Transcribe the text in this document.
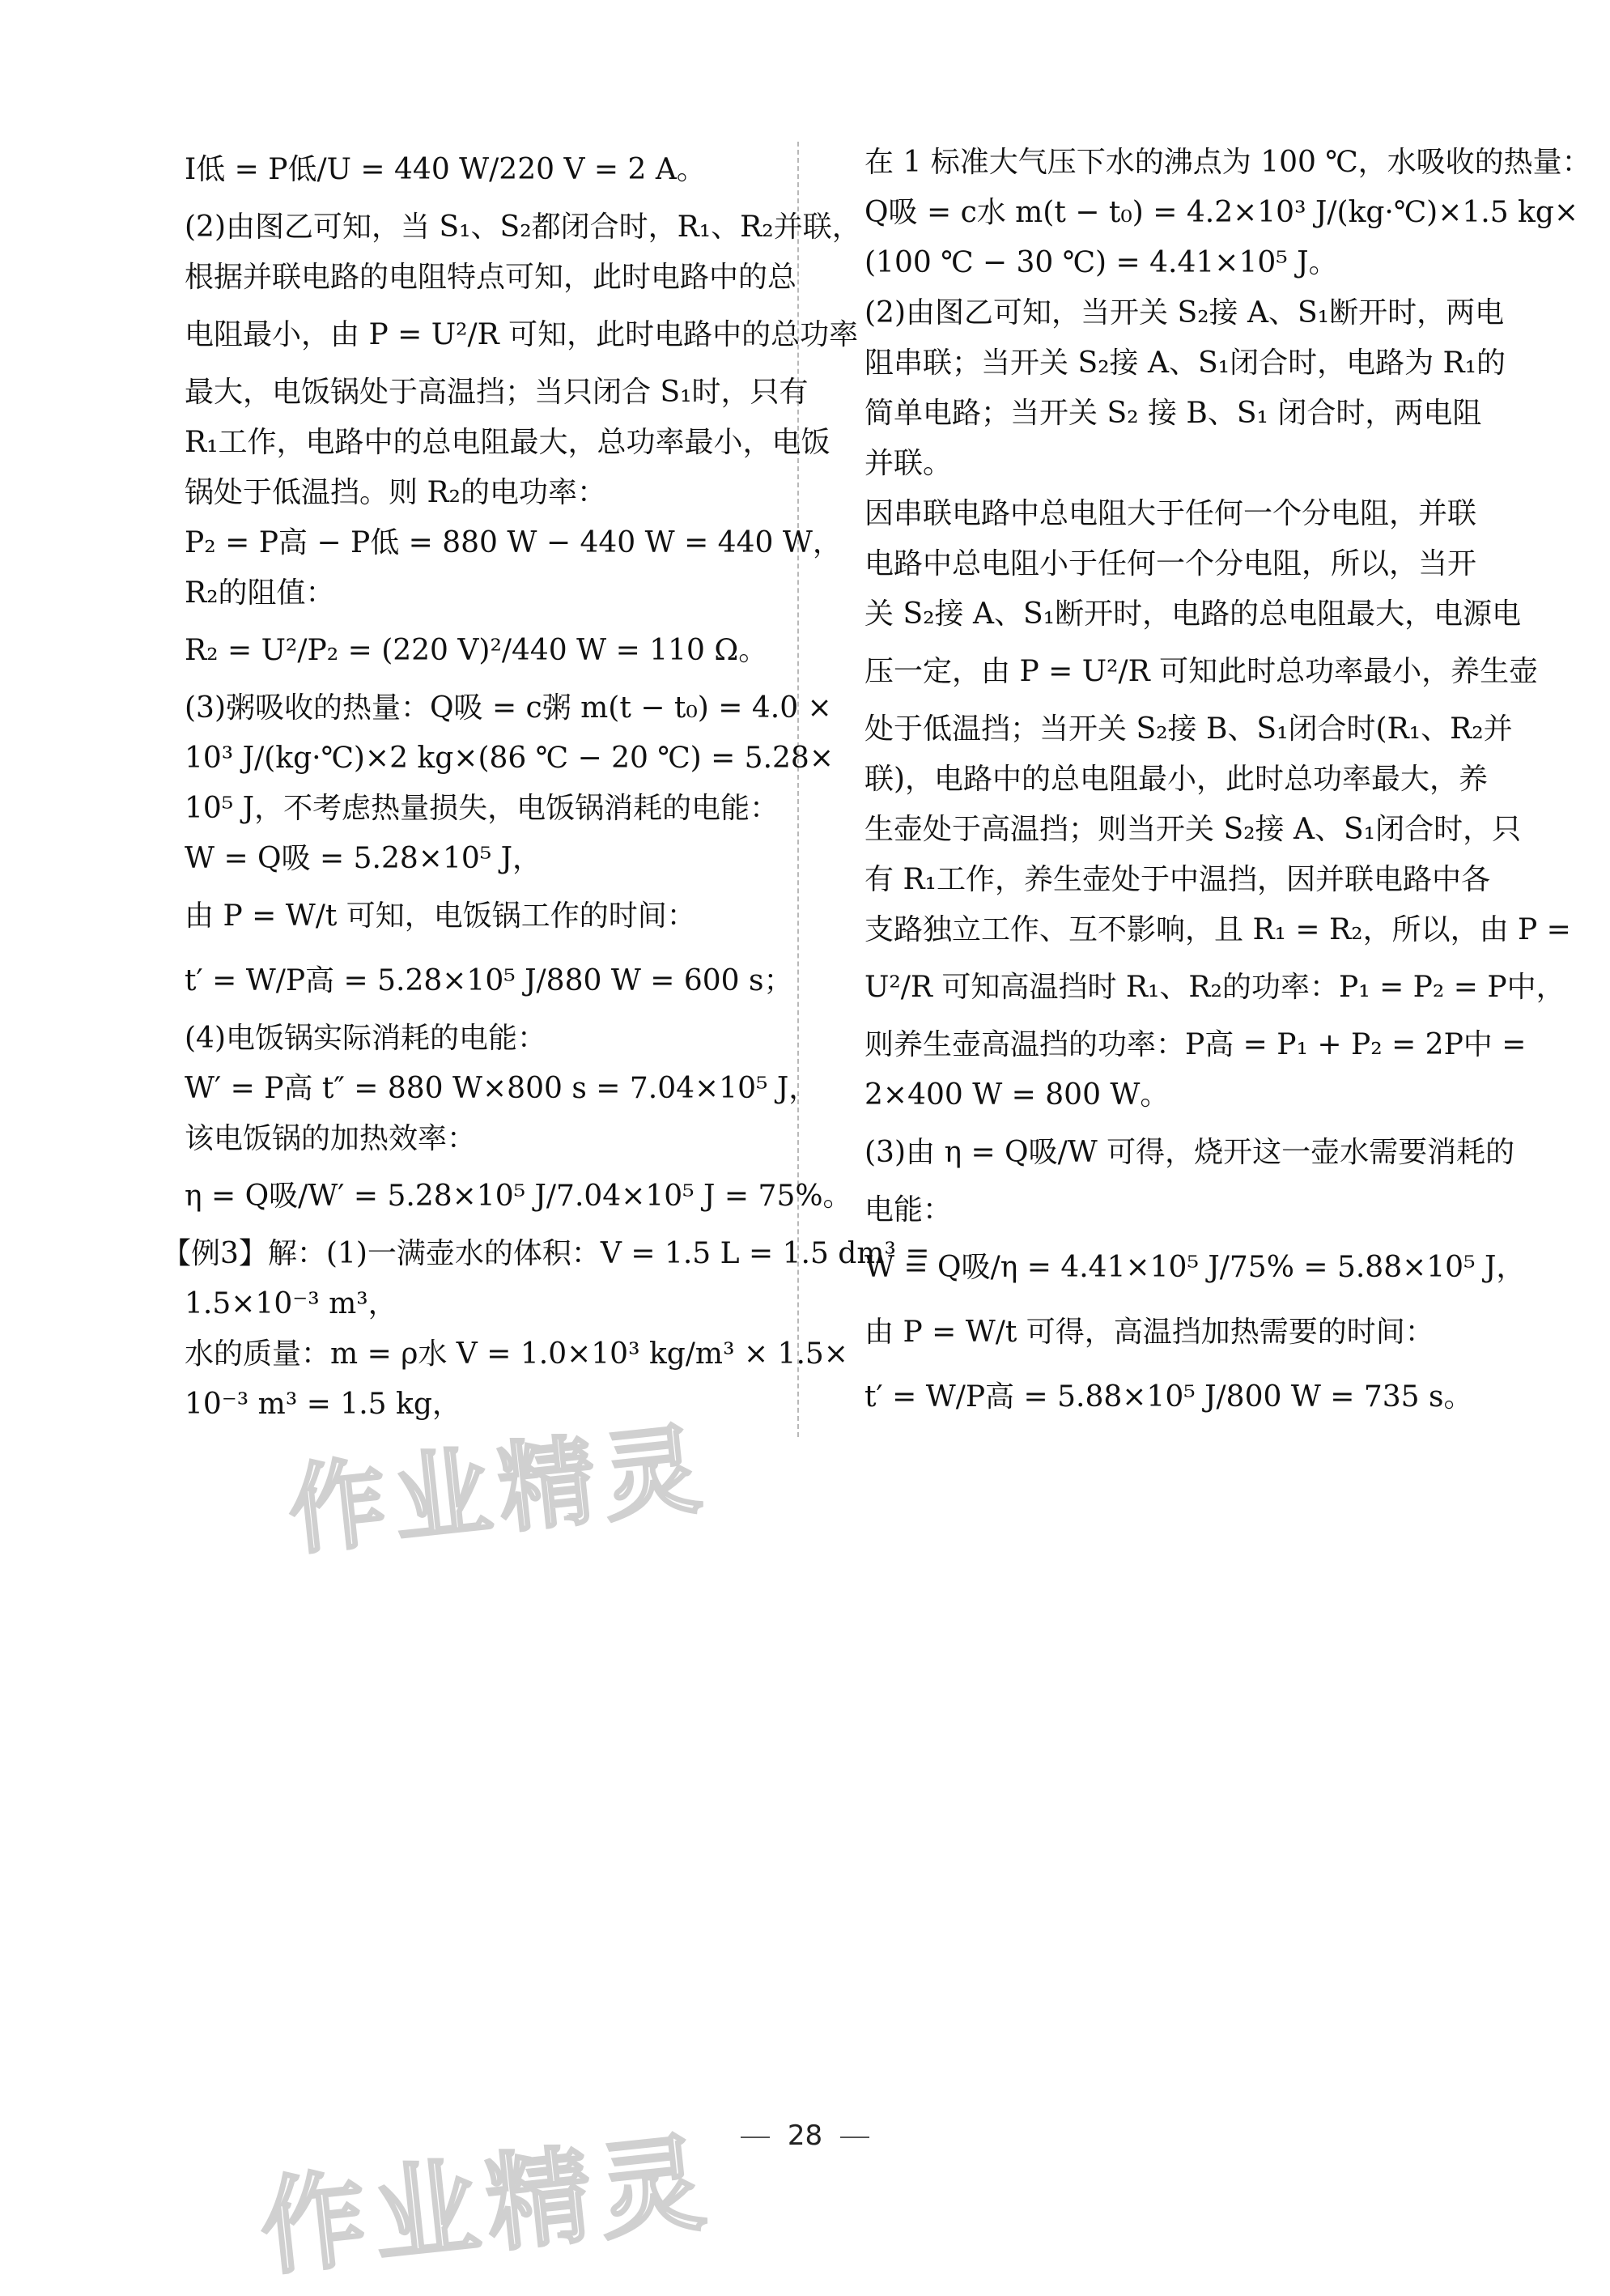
I低 = P低/U = 440 W/220 V = 2 A。
(2)由图乙可知，当 S₁、S₂都闭合时，R₁、R₂并联，
根据并联电路的电阻特点可知，此时电路中的总
电阻最小，由 P = U²/R 可知，此时电路中的总功率
最大，电饭锅处于高温挡；当只闭合 S₁时，只有
R₁工作，电路中的总电阻最大，总功率最小，电饭
锅处于低温挡。则 R₂的电功率：
P₂ = P高 − P低 = 880 W − 440 W = 440 W，
R₂的阻值：
R₂ = U²/P₂ = (220 V)²/440 W = 110 Ω。
(3)粥吸收的热量：Q吸 = c粥 m(t − t₀) = 4.0 ×
10³ J/(kg·℃)×2 kg×(86 ℃ − 20 ℃) = 5.28×
10⁵ J，不考虑热量损失，电饭锅消耗的电能：
W = Q吸 = 5.28×10⁵ J，
由 P = W/t 可知，电饭锅工作的时间：
t′ = W/P高 = 5.28×10⁵ J/880 W = 600 s；
(4)电饭锅实际消耗的电能：
W′ = P高 t″ = 880 W×800 s = 7.04×10⁵ J，
该电饭锅的加热效率：
η = Q吸/W′ = 5.28×10⁵ J/7.04×10⁵ J = 75%。
【例3】解：(1)一满壶水的体积：V = 1.5 L = 1.5 dm³ =
1.5×10⁻³ m³，
水的质量：m = ρ水 V = 1.0×10³ kg/m³ × 1.5×
10⁻³ m³ = 1.5 kg，
在 1 标准大气压下水的沸点为 100 ℃，水吸收的热量：
Q吸 = c水 m(t − t₀) = 4.2×10³ J/(kg·℃)×1.5 kg×
(100 ℃ − 30 ℃) = 4.41×10⁵ J。
(2)由图乙可知，当开关 S₂接 A、S₁断开时，两电
阻串联；当开关 S₂接 A、S₁闭合时，电路为 R₁的
简单电路；当开关 S₂ 接 B、S₁ 闭合时，两电阻
并联。
因串联电路中总电阻大于任何一个分电阻，并联
电路中总电阻小于任何一个分电阻，所以，当开
关 S₂接 A、S₁断开时，电路的总电阻最大，电源电
压一定，由 P = U²/R 可知此时总功率最小，养生壶
处于低温挡；当开关 S₂接 B、S₁闭合时(R₁、R₂并
联)，电路中的总电阻最小，此时总功率最大，养
生壶处于高温挡；则当开关 S₂接 A、S₁闭合时，只
有 R₁工作，养生壶处于中温挡，因并联电路中各
支路独立工作、互不影响，且 R₁ = R₂，所以，由 P =
U²/R 可知高温挡时 R₁、R₂的功率：P₁ = P₂ = P中，
则养生壶高温挡的功率：P高 = P₁ + P₂ = 2P中 =
2×400 W = 800 W。
(3)由 η = Q吸/W 可得，烧开这一壶水需要消耗的
电能：
W = Q吸/η = 4.41×10⁵ J/75% = 5.88×10⁵ J，
由 P = W/t 可得，高温挡加热需要的时间：
t′ = W/P高 = 5.88×10⁵ J/800 W = 735 s。
作业精灵
作业精灵	28
